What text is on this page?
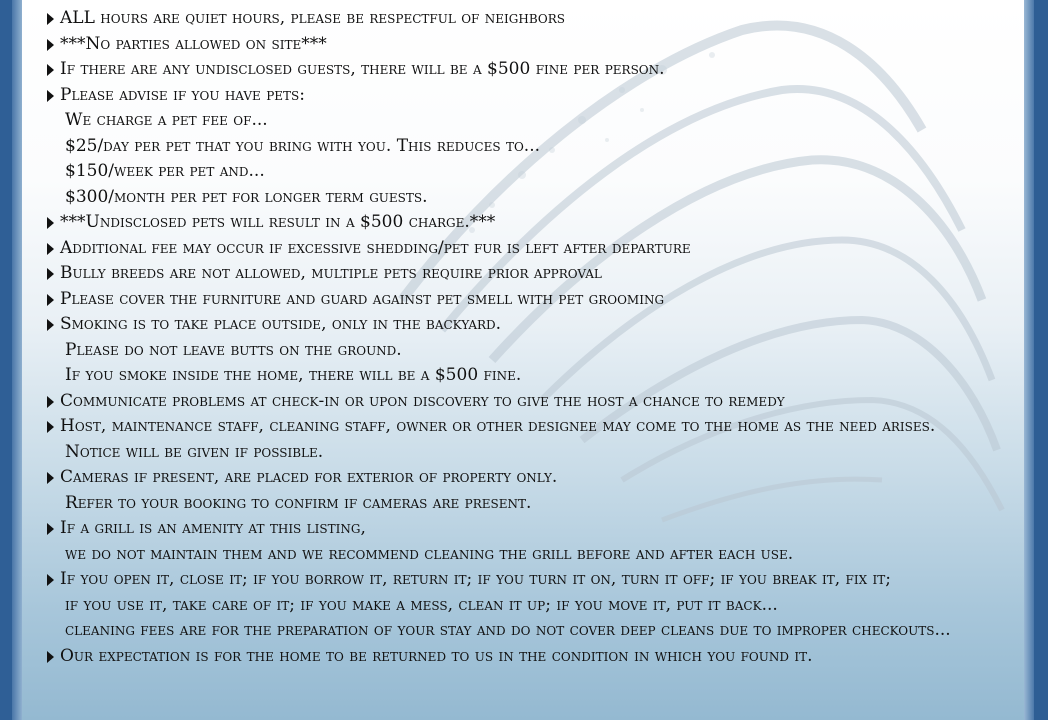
ALL hours are quiet hours, please be respectful of neighbors
***No parties allowed on site***
If there are any undisclosed guests, there will be a $500 fine per person.
Please advise if you have pets:
We charge a pet fee of...
$25/day per pet that you bring with you. This reduces to...
$150/week per pet and...
$300/month per pet for longer term guests.
***Undisclosed pets will result in a $500 charge.***
Additional fee may occur if excessive shedding/pet fur is left after departure
Bully breeds are not allowed, multiple pets require prior approval
Please cover the furniture and guard against pet smell with pet grooming
Smoking is to take place outside, only in the backyard.
Please do not leave butts on the ground.
If you smoke inside the home, there will be a $500 fine.
Communicate problems at check-in or upon discovery to give the host a chance to remedy
Host, maintenance staff, cleaning staff, owner or other designee may come to the home as the need arises.
Notice will be given if possible.
Cameras if present, are placed for exterior of property only.
Refer to your booking to confirm if cameras are present.
If a grill is an amenity at this listing,
we do not maintain them and we recommend cleaning the grill before and after each use.
If you open it, close it; if you borrow it, return it; if you turn it on, turn it off; if you break it, fix it;
if you use it, take care of it; if you make a mess, clean it up; if you move it, put it back...
cleaning fees are for the preparation of your stay and do not cover deep cleans due to improper checkouts...
Our expectation is for the home to be returned to us in the condition in which you found it.
